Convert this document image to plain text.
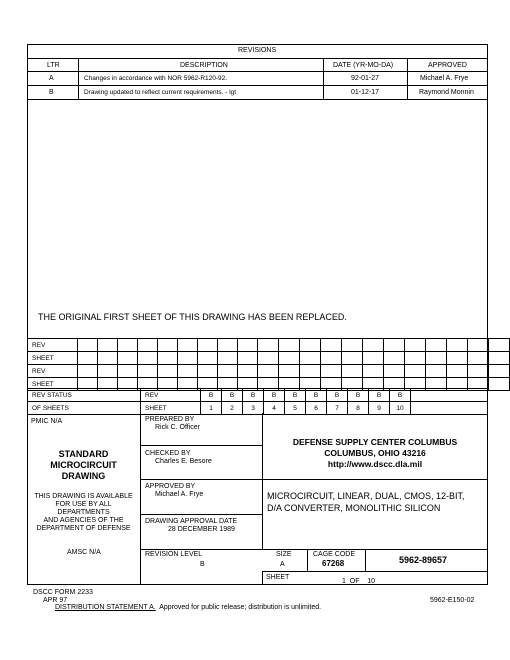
REVISIONS
LTR	DESCRIPTION	DATE (YR-MO-DA)	APPROVED
A	Changes in accordance with NOR 5962-R120-92.	92-01-27	Michael A. Frye
B	Drawing updated to reflect current requirements. - lgt	01-12-17	Raymond Monnin
THE ORIGINAL FIRST SHEET OF THIS DRAWING HAS BEEN REPLACED.
REV																					
SHEET																					
REV																					
SHEET																					
REV STATUS	REV	B	B	B	B	B	B	B	B	B	B	
OF SHEETS	SHEET	1	2	3	4	5	6	7	8	9	10	
PMIC N/A
STANDARD
MICROCIRCUIT
DRAWING
THIS DRAWING IS AVAILABLE
FOR USE BY ALL
DEPARTMENTS
AND AGENCIES OF THE
DEPARTMENT OF DEFENSE
AMSC N/A
PREPARED BY
Rick C. Officer
CHECKED BY
Charles E. Besore
APPROVED BY
Michael A. Frye
DRAWING APPROVAL DATE
28 DECEMBER 1989
REVISION LEVEL
B
DEFENSE SUPPLY CENTER COLUMBUS
COLUMBUS, OHIO 43216
http://www.dscc.dla.mil
MICROCIRCUIT, LINEAR, DUAL, CMOS, 12-BIT,
D/A CONVERTER, MONOLITHIC SILICON
SIZE
A
CAGE CODE
67268	5962-89657
SHEET
1  OF    10
DSCC FORM 2233
APR 97
DISTRIBUTION STATEMENT A.  Approved for public release; distribution is unlimited.
5962-E150-02
